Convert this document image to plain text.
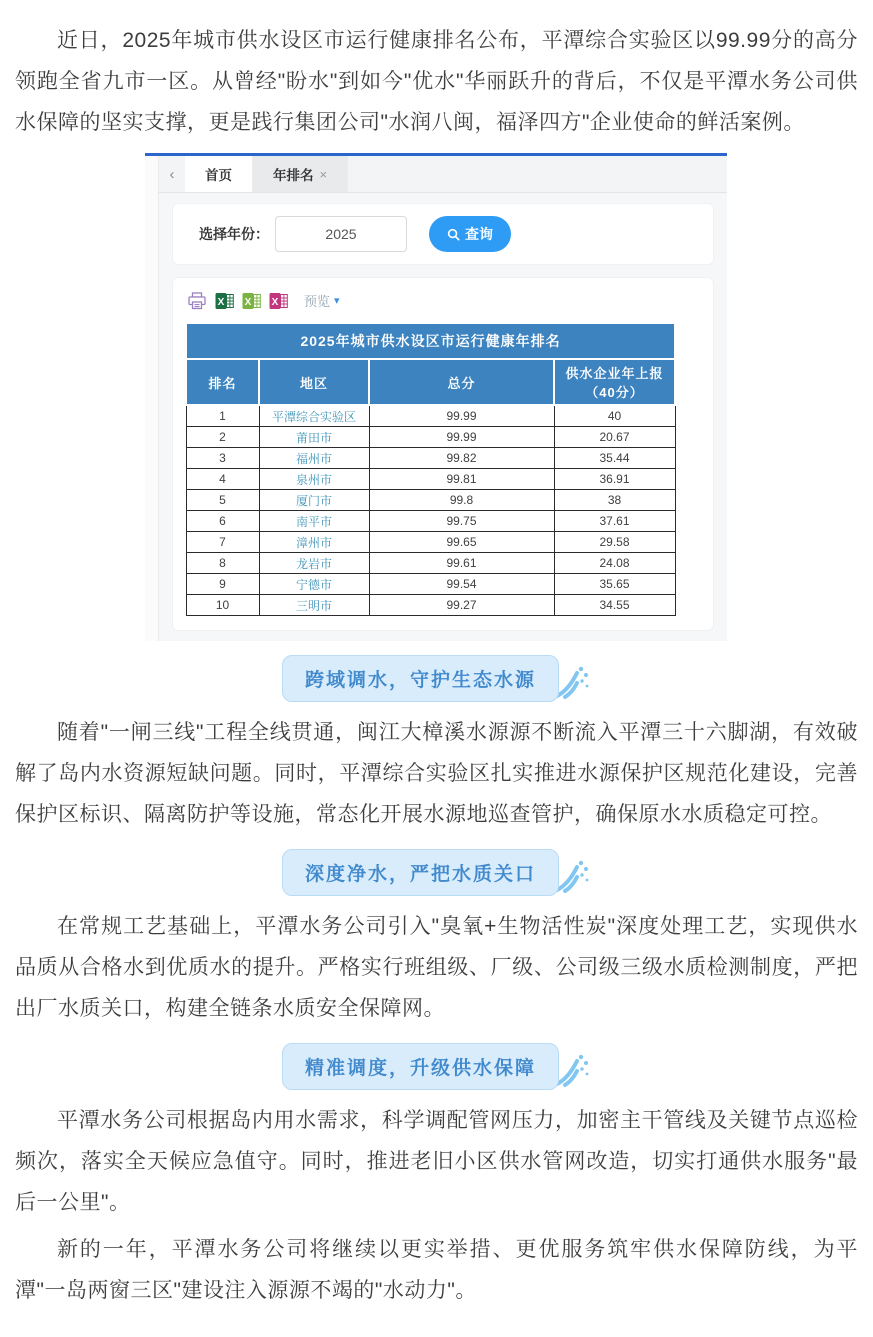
近日，2025年城市供水设区市运行健康排名公布，平潭综合实验区以99.99分的高分领跑全省九市一区。从曾经"盼水"到如今"优水"华丽跃升的背后，不仅是平潭水务公司供水保障的坚实支撑，更是践行集团公司"水润八闽，福泽四方"企业使命的鲜活案例。

‹	首页	年排名 ×
选择年份：
2025	查询
X X X 预览 ▾
2025年城市供水设区市运行健康年排名			
排名	地区	总分	供水企业年上报（40分）
1	平潭综合实验区	99.99	40
2	莆田市	99.99	20.67
3	福州市	99.82	35.44
4	泉州市	99.81	36.91
5	厦门市	99.8	38
6	南平市	99.75	37.61
7	漳州市	99.65	29.58
8	龙岩市	99.61	24.08
9	宁德市	99.54	35.65
10	三明市	99.27	34.55
跨域调水，守护生态水源

随着"一闸三线"工程全线贯通，闽江大樟溪水源源不断流入平潭三十六脚湖，有效破解了岛内水资源短缺问题。同时，平潭综合实验区扎实推进水源保护区规范化建设，完善保护区标识、隔离防护等设施，常态化开展水源地巡查管护，确保原水水质稳定可控。

深度净水，严把水质关口

在常规工艺基础上，平潭水务公司引入"臭氧+生物活性炭"深度处理工艺，实现供水品质从合格水到优质水的提升。严格实行班组级、厂级、公司级三级水质检测制度，严把出厂水质关口，构建全链条水质安全保障网。

精准调度，升级供水保障

平潭水务公司根据岛内用水需求，科学调配管网压力，加密主干管线及关键节点巡检频次，落实全天候应急值守。同时，推进老旧小区供水管网改造，切实打通供水服务"最后一公里"。

新的一年，平潭水务公司将继续以更实举措、更优服务筑牢供水保障防线，为平潭"一岛两窗三区"建设注入源源不竭的"水动力"。
